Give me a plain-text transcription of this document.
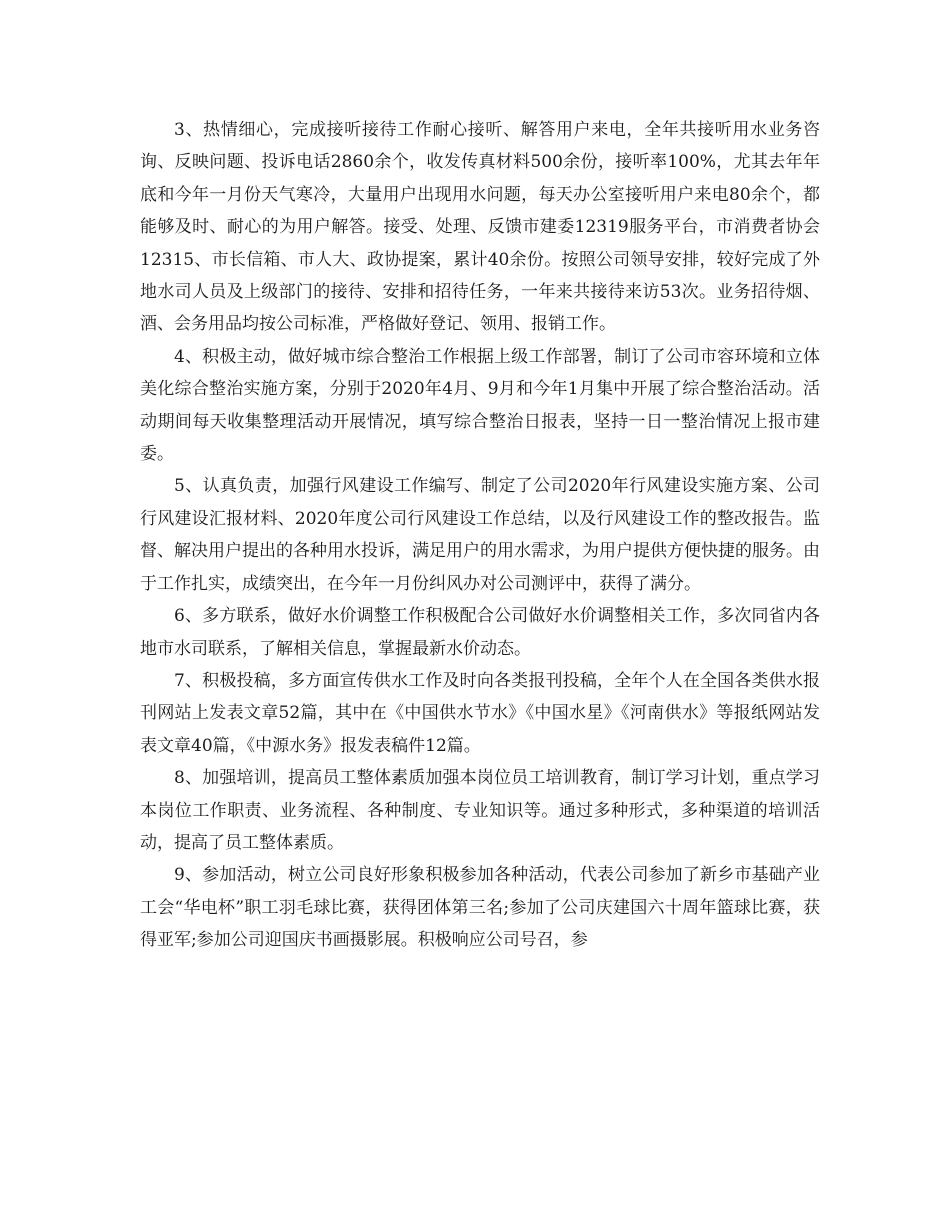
3、热情细心，完成接听接待工作耐心接听、解答用户来电，全年共接听用水业务咨询、反映问题、投诉电话2860余个，收发传真材料500余份，接听率100%，尤其去年年底和今年一月份天气寒冷，大量用户出现用水问题，每天办公室接听用户来电80余个，都能够及时、耐心的为用户解答。接受、处理、反馈市建委12319服务平台，市消费者协会12315、市长信箱、市人大、政协提案，累计40余份。按照公司领导安排，较好完成了外地水司人员及上级部门的接待、安排和招待任务，一年来共接待来访53次。业务招待烟、酒、会务用品均按公司标准，严格做好登记、领用、报销工作。

4、积极主动，做好城市综合整治工作根据上级工作部署，制订了公司市容环境和立体美化综合整治实施方案，分别于2020年4月、9月和今年1月集中开展了综合整治活动。活动期间每天收集整理活动开展情况，填写综合整治日报表，坚持一日一整治情况上报市建委。

5、认真负责，加强行风建设工作编写、制定了公司2020年行风建设实施方案、公司行风建设汇报材料、2020年度公司行风建设工作总结，以及行风建设工作的整改报告。监督、解决用户提出的各种用水投诉，满足用户的用水需求，为用户提供方便快捷的服务。由于工作扎实，成绩突出，在今年一月份纠风办对公司测评中，获得了满分。

6、多方联系，做好水价调整工作积极配合公司做好水价调整相关工作，多次同省内各地市水司联系，了解相关信息，掌握最新水价动态。

7、积极投稿，多方面宣传供水工作及时向各类报刊投稿，全年个人在全国各类供水报刊网站上发表文章52篇，其中在《中国供水节水》《中国水星》《河南供水》等报纸网站发表文章40篇，《中源水务》报发表稿件12篇。

8、加强培训，提高员工整体素质加强本岗位员工培训教育，制订学习计划，重点学习本岗位工作职责、业务流程、各种制度、专业知识等。通过多种形式，多种渠道的培训活动，提高了员工整体素质。

9、参加活动，树立公司良好形象积极参加各种活动，代表公司参加了新乡市基础产业工会“华电杯”职工羽毛球比赛，获得团体第三名;参加了公司庆建国六十周年篮球比赛，获得亚军;参加公司迎国庆书画摄影展。积极响应公司号召，参
